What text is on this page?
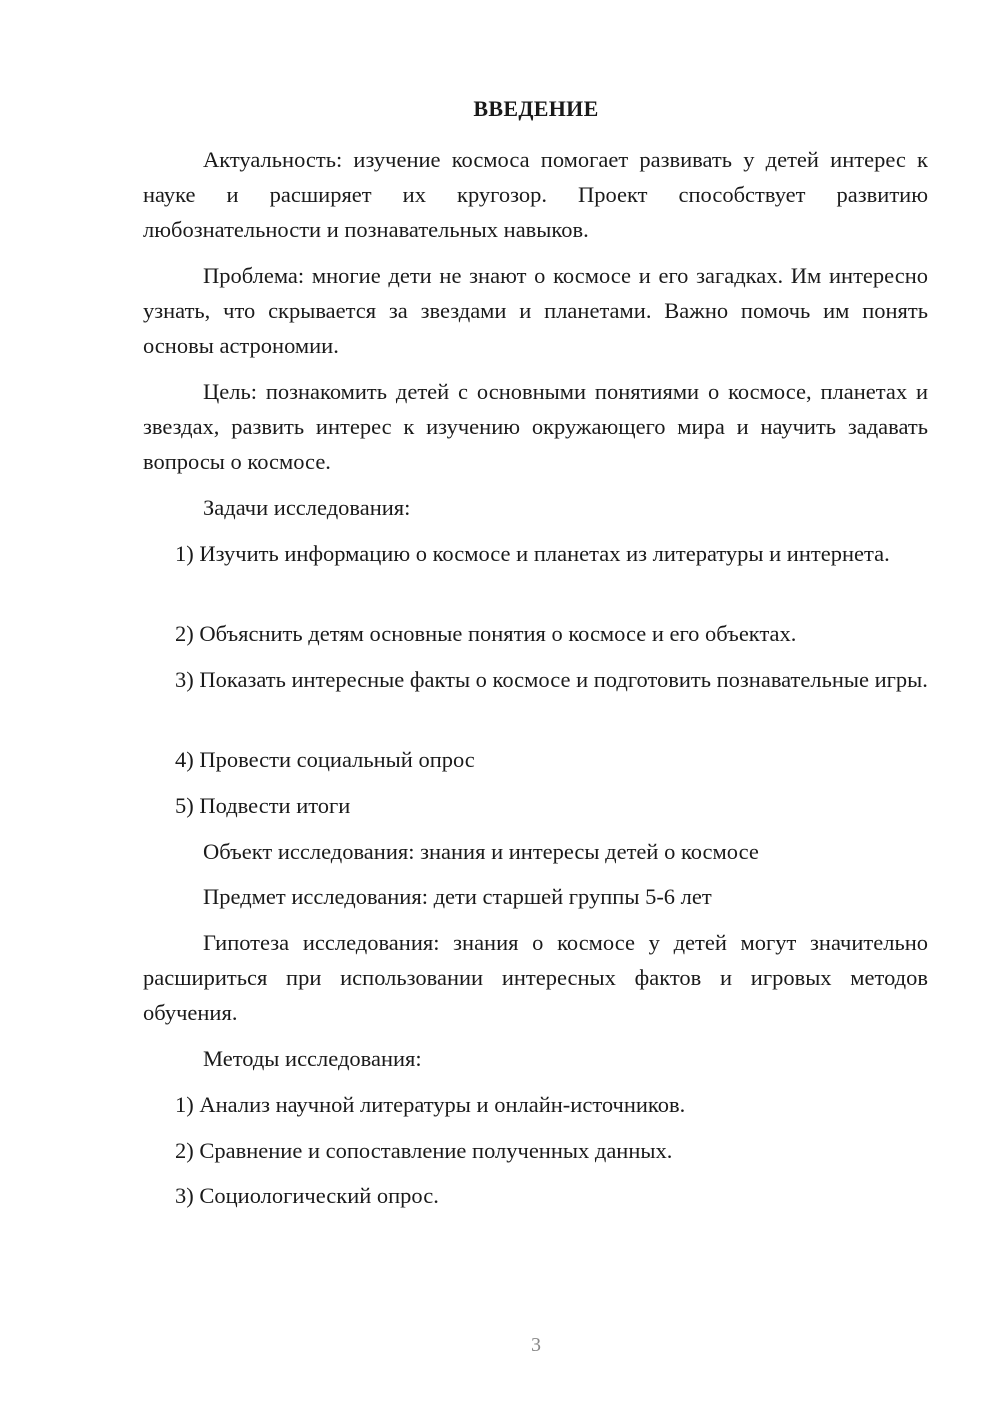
ВВЕДЕНИЕ

Актуальность: изучение космоса помогает развивать у детей интерес к науке и расширяет их кругозор. Проект способствует развитию любознательности и познавательных навыков.

Проблема: многие дети не знают о космосе и его загадках. Им интересно узнать, что скрывается за звездами и планетами. Важно помочь им понять основы астрономии.

Цель: познакомить детей с основными понятиями о космосе, планетах и звездах, развить интерес к изучению окружающего мира и научить задавать вопросы о космосе.

Задачи исследования:

1) Изучить информацию о космосе и планетах из литературы и интернета.

2) Объяснить детям основные понятия о космосе и его объектах.

3) Показать интересные факты о космосе и подготовить познавательные игры.

4) Провести социальный опрос

5) Подвести итоги

Объект исследования: знания и интересы детей о космосе

Предмет исследования: дети старшей группы 5-6 лет

Гипотеза исследования: знания о космосе у детей могут значительно расшириться при использовании интересных фактов и игровых методов обучения.

Методы исследования:

1) Анализ научной литературы и онлайн-источников.

2) Сравнение и сопоставление полученных данных.

3) Социологический опрос.

3
